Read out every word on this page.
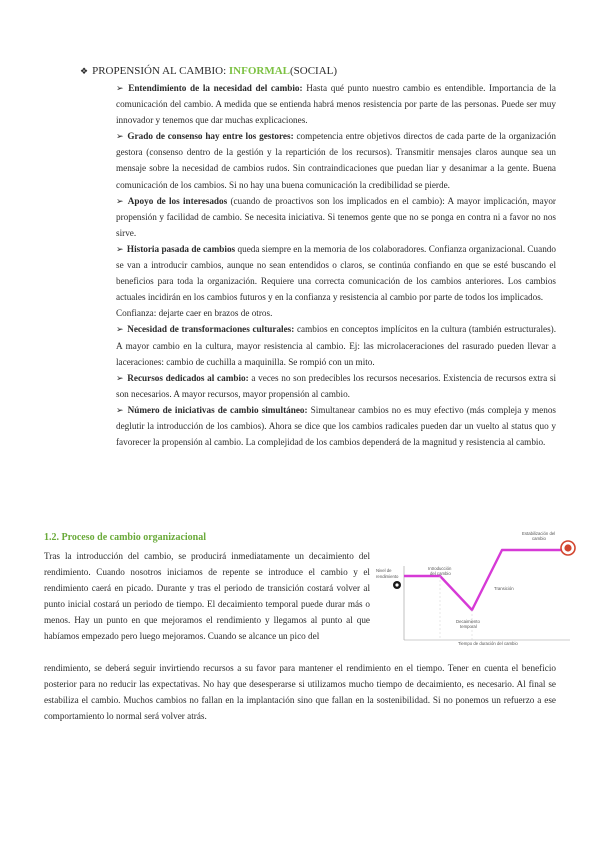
❖ PROPENSIÓN AL CAMBIO: INFORMAL(SOCIAL)

➢ Entendimiento de la necesidad del cambio: Hasta qué punto nuestro cambio es entendible. Importancia de la comunicación del cambio. A medida que se entienda habrá menos resistencia por parte de las personas. Puede ser muy innovador y tenemos que dar muchas explicaciones.

➢ Grado de consenso hay entre los gestores: competencia entre objetivos directos de cada parte de la organización gestora (consenso dentro de la gestión y la repartición de los recursos). Transmitir mensajes claros aunque sea un mensaje sobre la necesidad de cambios rudos. Sin contraindicaciones que puedan liar y desanimar a la gente. Buena comunicación de los cambios. Si no hay una buena comunicación la credibilidad se pierde.

➢ Apoyo de los interesados (cuando de proactivos son los implicados en el cambio): A mayor implicación, mayor propensión y facilidad de cambio. Se necesita iniciativa. Si tenemos gente que no se ponga en contra ni a favor no nos sirve.

➢ Historia pasada de cambios queda siempre en la memoria de los colaboradores. Confianza organizacional. Cuando se van a introducir cambios, aunque no sean entendidos o claros, se continúa confiando en que se esté buscando el beneficios para toda la organización. Requiere una correcta comunicación de los cambios anteriores. Los cambios actuales incidirán en los cambios futuros y en la confianza y resistencia al cambio por parte de todos los implicados.

Confianza: dejarte caer en brazos de otros.

➢ Necesidad de transformaciones culturales: cambios en conceptos implícitos en la cultura (también estructurales). A mayor cambio en la cultura, mayor resistencia al cambio. Ej: las microlaceraciones del rasurado pueden llevar a laceraciones: cambio de cuchilla a maquinilla. Se rompió con un mito.

➢ Recursos dedicados al cambio: a veces no son predecibles los recursos necesarios. Existencia de recursos extra si son necesarios. A mayor recursos, mayor propensión al cambio.

➢ Número de iniciativas de cambio simultáneo: Simultanear cambios no es muy efectivo (más compleja y menos deglutir la introducción de los cambios). Ahora se dice que los cambios radicales pueden dar un vuelto al status quo y favorecer la propensión al cambio. La complejidad de los cambios dependerá de la magnitud y resistencia al cambio.

1.2. Proceso de cambio organizacional
Tras la introducción del cambio, se producirá inmediatamente un decaimiento del rendimiento. Cuando nosotros iniciamos de repente se introduce el cambio y el rendimiento caerá en picado. Durante y tras el periodo de transición costará volver al punto inicial costará un periodo de tiempo. El decaimiento temporal puede durar más o menos. Hay un punto en que mejoramos el rendimiento y llegamos al punto al que habíamos empezado pero luego mejoramos. Cuando se alcance un pico del
Nivel de
rendimiento
Introducción
del cambio
Transición
Decaimiento
temporal
Estabilización del
cambio
Tiempo de duración del cambio
rendimiento, se deberá seguir invirtiendo recursos a su favor para mantener el rendimiento en el tiempo. Tener en cuenta el beneficio posterior para no reducir las expectativas. No hay que desesperarse si utilizamos mucho tiempo de decaimiento, es necesario. Al final se estabiliza el cambio. Muchos cambios no fallan en la implantación sino que fallan en la sostenibilidad. Si no ponemos un refuerzo a ese comportamiento lo normal será volver atrás.
